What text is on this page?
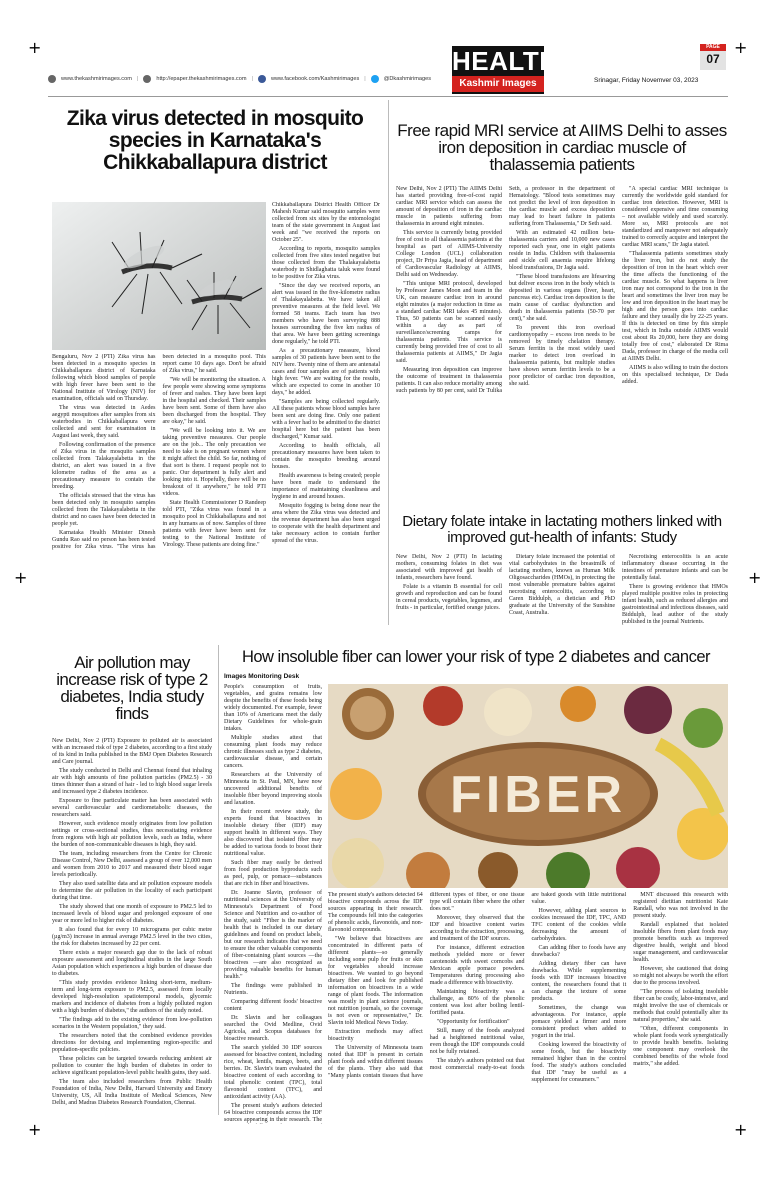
+	+
+	+
+	+
www.thekashmirimages.com |	http://epaper.thekashmirimages.com |	www.facebook.com/Kashmirimages |	@Dkashmirimages
HEALTH
Kashmir Images	Srinagar, Friday Novemver 03, 2023
PAGE
07
Zika virus detected in mosquito species in Karnataka's Chikkaballapura district

Bengaluru, Nov 2 (PTI) Zika virus has been detected in a mosquito species in Chikkaballapura district of Karnataka following which blood samples of people with high fever have been sent to the National Institute of Virology (NIV) for examination, officials said on Thursday.

The virus was detected in Aedes aegypti mosquitoes after samples from six waterbodies in Chikkaballapura were collected and sent for examination in August last week, they said.

Following confirmation of the presence of Zika virus in the mosquito samples collected from Talakayalabetta in the district, an alert was issued in a five kilometre radius of the area as a precautionary measure to contain the breeding.

The officials stressed that the virus has been detected only in mosquito samples collected from the Talakayalabetta in the district and no cases have been detected in people yet.

Karnataka Health Minister Dinesh Gundu Rao said no person has been tested positive for Zika virus. "The virus has been detected in a mosquito pool. This report came 10 days ago. Don't be afraid of Zika virus," he said.

"We will be monitoring the situation. A few people were showing some symptoms of fever and rashes. They have been kept in the hospital and checked. Their samples have been sent. Some of them have also been discharged from the hospital. They are okay," he said.

"We will be looking into it. We are taking preventive measures. Our people are on the job... The only precaution we need to take is on pregnant women where it might affect the child. So far, nothing of that sort is there. I request people not to panic. Our department is fully alert and looking into it. Hopefully, there will be no breakout of it anywhere," he told PTI videos.

State Health Commissioner D Randeep told PTI, "Zika virus was found in a mosquito pool in Chikkaballapura and not in any humans as of now. Samples of three patients with fever have been sent for testing to the National Institute of Virology. These patients are doing fine."

Chikkaballapura District Health Officer Dr Mahesh Kumar said mosquito samples were collected from six sites by the entomologist team of the state government in August last week and "we received the reports on October 25".

According to reports, mosquito samples collected from five sites tested negative but those collected from the Thalakayalabetta waterbody in Shidlaghatta taluk were found to be positive for Zika virus.

"Since the day we received reports, an alert was issued in the five-kilometre radius of Thalakayalabetta. We have taken all preventive measures at the field level. We formed 58 teams. Each team has two members who have been surveying 888 houses surrounding the five km radius of that area. We have been getting screenings done regularly," he told PTI.

As a precautionary measure, blood samples of 30 patients have been sent to the NIV here. Twenty nine of them are antenatal cases and four samples are of patients with high fever. "We are waiting for the results, which are expected to come in another 10 days," he added.

"Samples are being collected regularly. All these patients whose blood samples have been sent are doing fine. Only one patient with a fever had to be admitted to the district hospital here but the patient has been discharged," Kumar said.

According to health officials, all precautionary measures have been taken to contain the mosquito breeding around houses.

Health awareness is being created; people have been made to understand the importance of maintaining cleanliness and hygiene in and around houses.

Mosquito fogging is being done near the area where the Zika virus was detected and the revenue department has also been urged to cooperate with the health department and take necessary action to contain further spread of the virus.

Free rapid MRI service at AIIMS Delhi to asses iron deposition in cardiac muscle of thalassemia patients

New Delhi, Nov 2 (PTI) The AIIMS Delhi has started providing free-of-cost rapid cardiac MRI service which can assess the amount of deposition of iron in the cardiac muscle in patients suffering from thalassemia in around eight minutes.

This service is currently being provided free of cost to all thalassemia patients at the hospital as part of AIIMS-University College London (UCL) collaboration project, Dr Priya Jagia, head of department of Cardiovascular Radiology at AIIMS, Delhi said on Wednesday.

"This unique MRI protocol, developed by Professor James Moon and team in the UK, can measure cardiac iron in around eight minutes (a major reduction in time as a standard cardiac MRI takes 45 minutes). Thus, 50 patients can be scanned easily within a day as part of surveillance/screening camps for thalassemia patients. This service is currently being provided free of cost to all thalassemia patients at AIIMS," Dr Jagia said.

Measuring iron deposition can improve the outcome of treatment in thalassemia patients. It can also reduce mortality among such patients by 80 per cent, said Dr Tulika Seth, a professor in the department of Hematology. "Blood tests sometimes may not predict the level of iron deposition in the cardiac muscle and excess deposition may lead to heart failure in patients suffering from Thalassemia," Dr Seth said.

With an estimated 42 million beta-thalassemia carriers and 10,000 new cases reported each year, one in eight patients reside in India. Children with thalassemia and sickle cell anaemia require lifelong blood transfusions, Dr Jagia said.

"These blood transfusions are lifesaving but deliver excess iron in the body which is deposited in various organs (liver, heart, pancreas etc). Cardiac iron deposition is the main cause of cardiac dysfunction and death in thalassemia patients (50-70 per cent)," she said.

To prevent this iron overload cardiomyopathy – excess iron needs to be removed by timely chelation therapy. Serum ferritin is the most widely used marker to detect iron overload in thalassemia patients, but multiple studies have shown serum ferritin levels to be a poor predictor of cardiac iron deposition, she said.

"A special cardiac MRI technique is currently the worldwide gold standard for cardiac iron detection. However, MRI is considered expensive and time consuming – not available widely and used scarcely. More so, MRI protocols are not standardized and manpower not adequately trained to correctly acquire and interpret the cardiac MRI scans," Dr Jagia stated.

"Thalassemia patients sometimes study the liver iron, but do not study the deposition of iron in the heart which over the time affects the functioning of the cardiac muscle. So what happens is liver iron may not correspond to the iron in the heart and sometimes the liver iron may be low and iron deposition in the heart may be high and the person goes into cardiac failure and they usually die by 22-25 years. If this is detected on time by this simple test, which in India outside AIIMS would cost about Rs 20,000, here they are doing totally free of cost," elaborated Dr Rima Dada, professor in charge of the media cell at AIIMS Delhi.

AIIMS is also willing to train the doctors on this specialised technique, Dr Dada added.

Dietary folate intake in lactating mothers linked with improved gut-health of infants: Study

New Delhi, Nov 2 (PTI) In lactating mothers, consuming folates in diet was associated with improved gut health of infants, researchers have found.

Folate is a vitamin B essential for cell growth and reproduction and can be found in cereal products, vegetables, legumes, and fruits - in particular, fortified orange juices.

Dietary folate increased the potential of vital carbohydrates in the breastmilk of lactating mothers, known as Human Milk Oligosaccharides (HMOs), in protecting the most vulnerable premature babies against necrotising enterocolitis, according to Caren Biddulph, a dietician and PhD graduate at the University of the Sunshine Coast, Australia.

Necrotising enterocolitis is an acute inflammatory disease occurring in the intestines of premature infants and can be potentially fatal.

There is growing evidence that HMOs played multiple positive roles in protecting infant health, such as reduced allergies and gastrointestinal and infectious diseases, said Biddulph, lead author of the study published in the journal Nutrients.

Air pollution may increase risk of type 2 diabetes, India study finds

New Delhi, Nov 2 (PTI) Exposure to polluted air is associated with an increased risk of type 2 diabetes, according to a first study of its kind in India published in the BMJ Open Diabetes Research and Care journal.

The study conducted in Delhi and Chennai found that inhaling air with high amounts of fine pollution particles (PM2.5) - 30 times thinner than a strand of hair - led to high blood sugar levels and increased type 2 diabetes incidence.

Exposure to fine particulate matter has been associated with several cardiovascular and cardiometabolic diseases, the researchers said.

However, such evidence mostly originates from low pollution settings or cross-sectional studies, thus necessitating evidence from regions with high air pollution levels, such as India, where the burden of non-communicable diseases is high, they said.

The team, including researchers from the Centre for Chronic Disease Control, New Delhi, assessed a group of over 12,000 men and women from 2010 to 2017 and measured their blood sugar levels periodically.

They also used satellite data and air pollution exposure models to determine the air pollution in the locality of each participant during that time.

The study showed that one month of exposure to PM2.5 led to increased levels of blood sugar and prolonged exposure of one year or more led to higher risk of diabetes.

It also found that for every 10 micrograms per cubic metre (µg/m3) increase in annual average PM2.5 level in the two cities, the risk for diabetes increased by 22 per cent.

There exists a major research gap due to the lack of robust exposure assessment and longitudinal studies in the large South Asian population which experiences a high burden of disease due to diabetes.

"This study provides evidence linking short-term, medium-term and long-term exposure to PM2.5, assessed from locally developed high-resolution spatiotemporal models, glycemic markers and incidence of diabetes from a highly polluted region with a high burden of diabetes," the authors of the study noted.

"The findings add to the existing evidence from low-pollution scenarios in the Western population," they said.

The researchers noted that the combined evidence provides directions for devising and implementing region-specific and population-specific policies.

These policies can be targeted towards reducing ambient air pollution to counter the high burden of diabetes in order to achieve significant population-level public health gains, they said.

The team also included researchers from Public Health Foundation of India, New Delhi, Harvard University and Emory University, US, All India Institute of Medical Sciences, New Delhi, and Madras Diabetes Research Foundation, Chennai.

How insoluble fiber can lower your risk of type 2 diabetes and cancer
Images Monitoring Desk

People's consumption of fruits, vegetables, and grains remains low despite the benefits of these foods being widely documented. For example, fewer than 10% of Americans meet the daily Dietary Guidelines for whole-grain intakes.

Multiple studies attest that consuming plant foods may reduce chronic illnesses such as type 2 diabetes, cardiovascular disease, and certain cancers.

Researchers at the University of Minnesota in St. Paul, MN, have now uncovered additional benefits of insoluble fiber beyond improving stools and laxation.

In their recent review study, the experts found that bioactives in insoluble dietary fiber (IDF) may support health in different ways. They also discovered that isolated fiber may be added to various foods to boost their nutritional value.

Such fiber may easily be derived from food production byproducts such as peel, pulp, or pomace—substances that are rich in fiber and bioactives.

Dr. Joanne Slavin, professor of nutritional sciences at the University of Minnesota's Department of Food Science and Nutrition and co-author of the study, said: "Fiber is the marker of health that is included in our dietary guidelines and found on product labels, but our research indicates that we need to ensure the other valuable components of fiber-containing plant sources —the bioactives —are also recognized as providing valuable benefits for human health."

The findings were published in Nutrients.

Comparing different foods' bioactive content

Dr. Slavin and her colleagues searched the Ovid Medline, Ovid Agricola, and Scopus databases for bioactive research.

The search yielded 30 IDF sources assessed for bioactive content, including rice, wheat, lentils, mango, beets, and berries. Dr. Slavin's team evaluated the bioactive content of each according to total phenolic content (TPC), total flavonoid content (TFC), and antioxidant activity (AA).

The present study's authors detected 64 bioactive compounds across the IDF sources appearing in their research. The

FIBER

The present study's authors detected 64 bioactive compounds across the IDF sources appearing in their research. The compounds fell into the categories of phenolic acids, flavonoids, and non-flavonoid compounds.

"We believe that bioactives are concentrated in different parts of different plants—so generally including some pulp for fruits or skin for vegetables should increase bioactives. We wanted to go beyond dietary fiber and look for published information on bioactives in a wide range of plant foods. The information was mostly in plant science journals, not nutrition journals, so the coverage is not even or representative," Dr. Slavin told Medical News Today.

Extraction methods may affect bioactivity

The University of Minnesota team noted that IDF is present in certain plant foods and within different tissues of the plants. They also said that "Many plants contain tissues that have different types of fiber, or one tissue type will contain fiber where the other does not."

Moreover, they observed that the IDF and bioactive content varies according to the extraction, processing, and treatment of the IDF sources.

For instance, different extraction methods yielded more or fewer carotenoids with sweet corncobs and Mexican apple pomace powders. Temperatures during processing also made a difference with bioactivity.

Maintaining bioactivity was a challenge, as 80% of the phenolic content was lost after boiling lentil-fortified pasta.

"Opportunity for fortification"

Still, many of the foods analyzed had a heightened nutritional value, even though the IDF compounds could not be fully retained.

The study's authors pointed out that most commercial ready-to-eat foods are baked goods with little nutritional value.

However, adding plant sources to cookies increased the IDF, TPC, AND TFC content of the cookies while decreasing the amount of carbohydrates.

Can adding fiber to foods have any drawbacks?

Adding dietary fiber can have drawbacks. While supplementing foods with IDF increases bioactive content, the researchers found that it can change the texture of some products.

Sometimes, the change was advantageous. For instance, apple pomace yielded a firmer and more consistent product when added to yogurt in the trial.

Cooking lowered the bioactivity of some foods, but the bioactivity remained higher than in the control food. The study's authors concluded that IDF "may be useful as a supplement for consumers."

MNT discussed this research with registered dietitian nutritionist Kate Randall, who was not involved in the present study.

Randall explained that isolated insoluble fibers from plant foods may promote benefits such as improved digestive health, weight and blood sugar management, and cardiovascular health.

However, she cautioned that doing so might not always be worth the effort due to the process involved.

"The process of isolating insoluble fiber can be costly, labor-intensive, and might involve the use of chemicals or methods that could potentially alter its natural properties," she said.

"Often, different components in whole plant foods work synergistically to provide health benefits. Isolating one component may overlook the combined benefits of the whole food matrix," she added.
